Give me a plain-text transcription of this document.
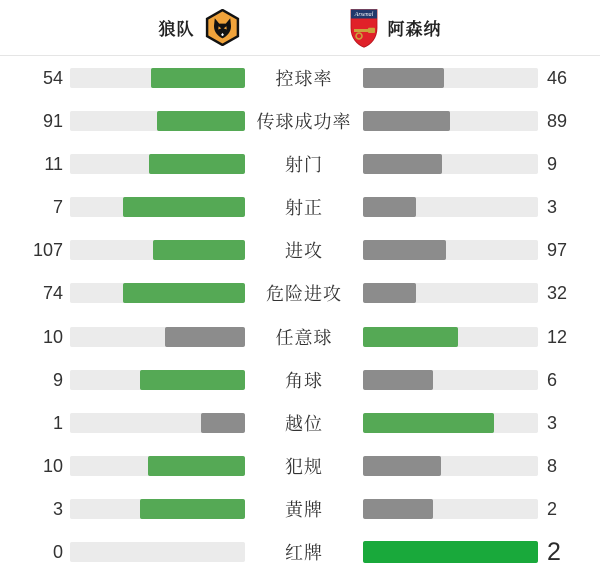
狼队
Arsenal
阿森纳
54	控球率	46
91	传球成功率	89
11	射门	9
7	射正	3
107	进攻	97
74	危险进攻	32
10	任意球	12
9	角球	6
1	越位	3
10	犯规	8
3	黄牌	2
0	红牌	2
